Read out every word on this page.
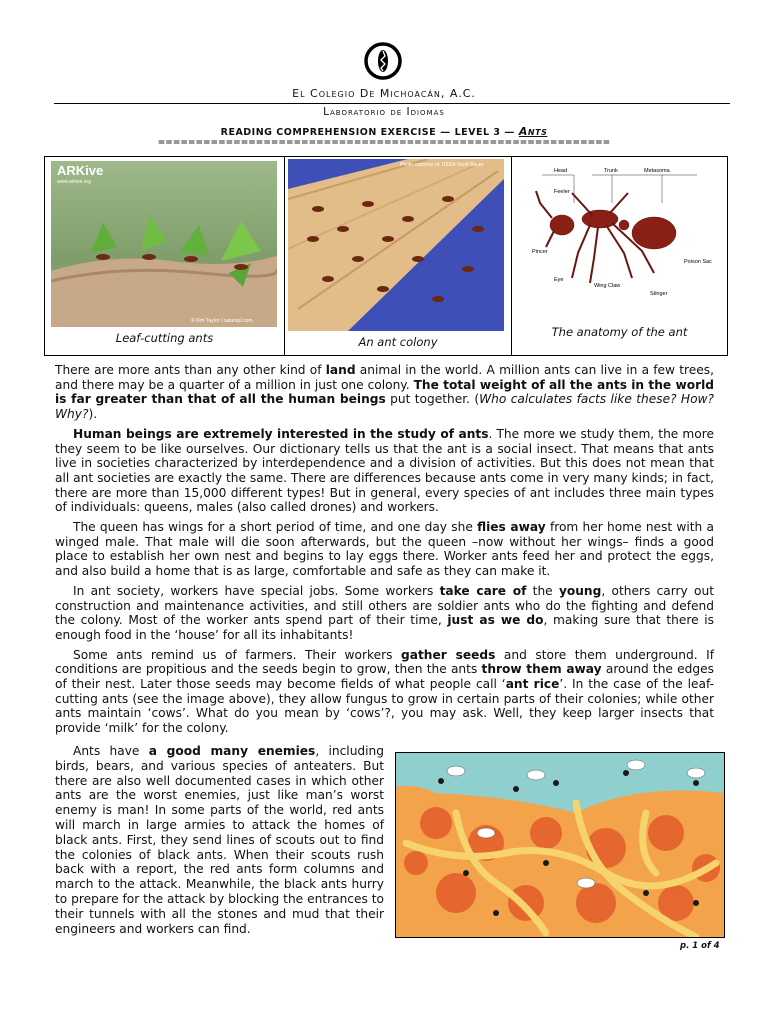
El Colegio De Michoacán, A.C.
Laboratorio de Idiomas
READING COMPREHENSION EXERCISE — LEVEL 3 — Ants
============================================================
ARKive
www.arkive.org
© Kim Taylor / naturepl.com
Leaf-cutting ants
Photo courtesy of: USDA-Scott Bauer
An ant colony
Head	Trunk	Metasoma
Feeler
Pincer
Eye
Wing Claw
Poison Sac
Stinger
The anatomy of the ant

There are more ants than any other kind of land animal in the world. A million ants can live in a few trees, and there may be a quarter of a million in just one colony. The total weight of all the ants in the world is far greater than that of all the human beings put together. (Who calculates facts like these? How? Why?).

Human beings are extremely interested in the study of ants. The more we study them, the more they seem to be like ourselves. Our dictionary tells us that the ant is a social insect. That means that ants live in societies characterized by interdependence and a division of activities. But this does not mean that all ant societies are exactly the same. There are differences because ants come in very many kinds; in fact, there are more than 15,000 different types! But in general, every species of ant includes three main types of individuals: queens, males (also called drones) and workers.

The queen has wings for a short period of time, and one day she flies away from her home nest with a winged male. That male will die soon afterwards, but the queen –now without her wings– finds a good place to establish her own nest and begins to lay eggs there. Worker ants feed her and protect the eggs, and also build a home that is as large, comfortable and safe as they can make it.

In ant society, workers have special jobs. Some workers take care of the young, others carry out construction and maintenance activities, and still others are soldier ants who do the fighting and defend the colony. Most of the worker ants spend part of their time, just as we do, making sure that there is enough food in the ‘house’ for all its inhabitants!

Some ants remind us of farmers. Their workers gather seeds and store them underground. If conditions are propitious and the seeds begin to grow, then the ants throw them away around the edges of their nest. Later those seeds may become fields of what people call ‘ant rice’. In the case of the leaf-cutting ants (see the image above), they allow fungus to grow in certain parts of their colonies; while other ants maintain ‘cows’. What do you mean by ‘cows’?, you may ask. Well, they keep larger insects that provide ‘milk’ for the colony.

Ants have a good many enemies, including birds, bears, and various species of anteaters. But there are also well documented cases in which other ants are the worst enemies, just like man’s worst enemy is man! In some parts of the world, red ants will march in large armies to attack the homes of black ants. First, they send lines of scouts out to find the colonies of black ants. When their scouts rush back with a report, the red ants form columns and march to the attack. Meanwhile, the black ants hurry to prepare for the attack by blocking the entrances to their tunnels with all the stones and mud that their engineers and workers can find.
p. 1 of 4
